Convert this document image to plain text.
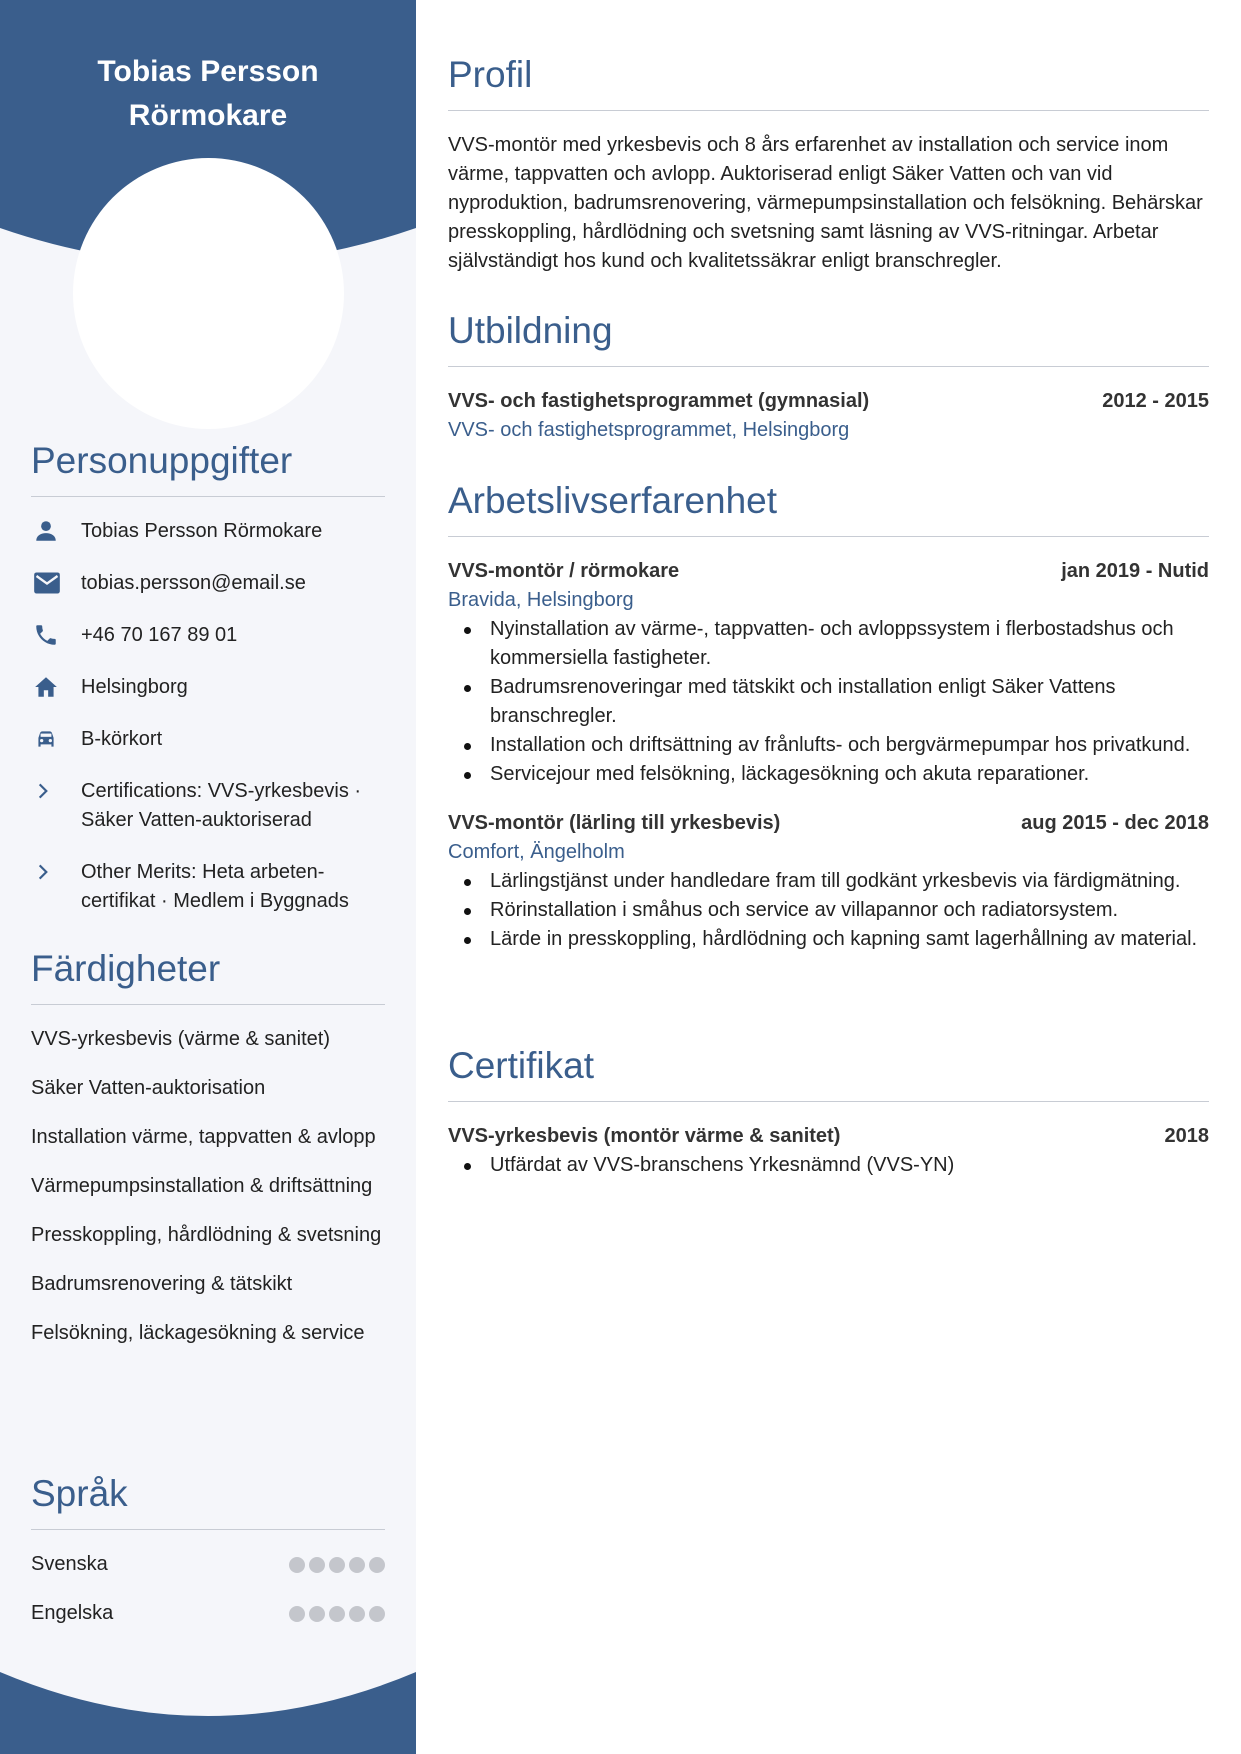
Tobias Persson
Rörmokare
Personuppgifter
Tobias Persson Rörmokare
tobias.persson@email.se
+46 70 167 89 01
Helsingborg
B-körkort
Certifications: VVS-yrkesbevis · Säker Vatten-auktoriserad
Other Merits: Heta arbeten-certifikat · Medlem i Byggnads
Färdigheter
VVS-yrkesbevis (värme & sanitet)
Säker Vatten-auktorisation
Installation värme, tappvatten & avlopp
Värmepumpsinstallation & driftsättning
Presskoppling, hårdlödning & svetsning
Badrumsrenovering & tätskikt
Felsökning, läckagesökning & service
Språk
Svenska
Engelska
Profil

VVS-montör med yrkesbevis och 8 års erfarenhet av installation och service inom värme, tappvatten och avlopp. Auktoriserad enligt Säker Vatten och van vid nyproduktion, badrumsrenovering, värmepumpsinstallation och felsökning. Behärskar presskoppling, hårdlödning och svetsning samt läsning av VVS-ritningar. Arbetar självständigt hos kund och kvalitetssäkrar enligt branschregler.

Utbildning
VVS- och fastighetsprogrammet (gymnasial)	2012 - 2015
VVS- och fastighetsprogrammet, Helsingborg
Arbetslivserfarenhet
VVS-montör / rörmokare	jan 2019 - Nutid
Bravida, Helsingborg
Nyinstallation av värme-, tappvatten- och avloppssystem i flerbostadshus och kommersiella fastigheter.
Badrumsrenoveringar med tätskikt och installation enligt Säker Vattens branschregler.
Installation och driftsättning av frånlufts- och bergvärmepumpar hos privatkund.
Servicejour med felsökning, läckagesökning och akuta reparationer.
VVS-montör (lärling till yrkesbevis)	aug 2015 - dec 2018
Comfort, Ängelholm
Lärlingstjänst under handledare fram till godkänt yrkesbevis via färdigmätning.
Rörinstallation i småhus och service av villapannor och radiatorsystem.
Lärde in presskoppling, hårdlödning och kapning samt lagerhållning av material.
Certifikat
VVS-yrkesbevis (montör värme & sanitet)	2018
Utfärdat av VVS-branschens Yrkesnämnd (VVS-YN)
